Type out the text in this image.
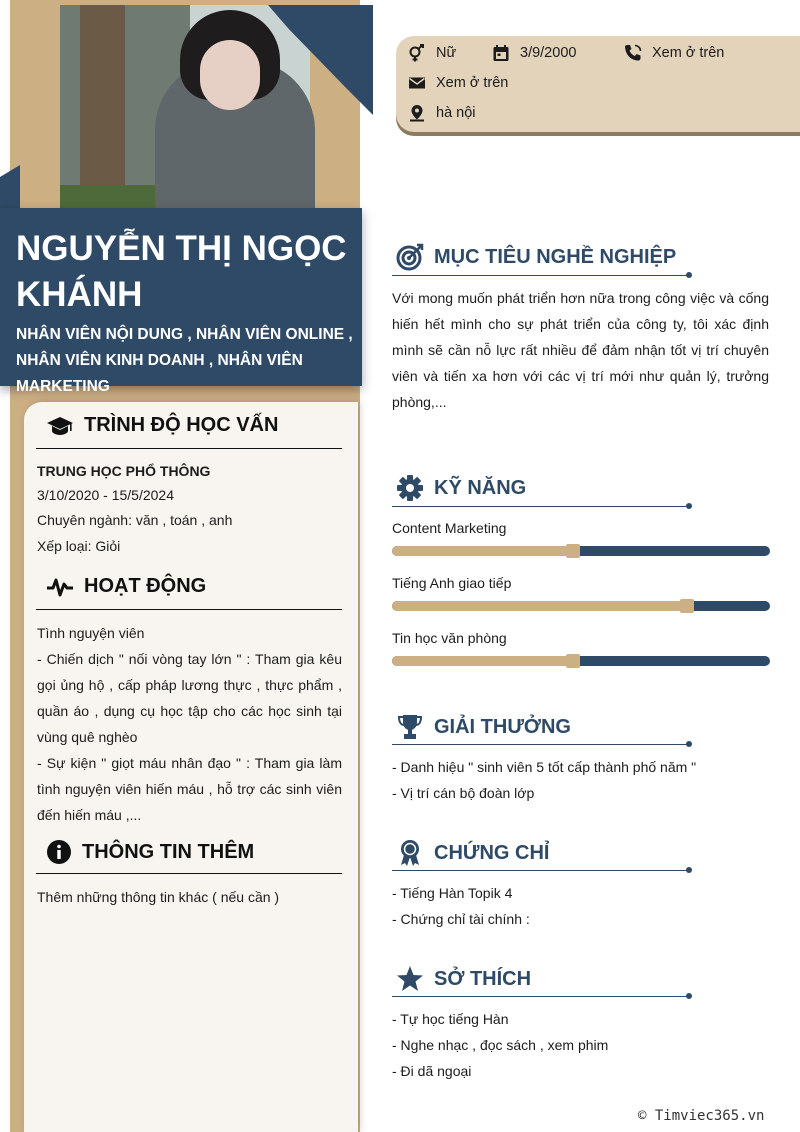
NGUYỄN THỊ NGỌC KHÁNH
NHÂN VIÊN NỘI DUNG , NHÂN VIÊN ONLINE , NHÂN VIÊN KINH DOANH , NHÂN VIÊN MARKETING
TRÌNH ĐỘ HỌC VẤN
TRUNG HỌC PHỔ THÔNG
3/10/2020 - 15/5/2024
Chuyên ngành: văn , toán , anh
Xếp loại: Giỏi
HOẠT ĐỘNG
Tình nguyện viên
- Chiến dịch " nối vòng tay lớn " : Tham gia kêu gọi ủng hộ , cấp pháp lương thực , thực phẩm , quần áo , dụng cụ học tập cho các học sinh tại vùng quê nghèo
- Sự kiện " giọt máu nhân đạo " : Tham gia làm tình nguyện viên hiến máu , hỗ trợ các sinh viên đến hiến máu ,...
THÔNG TIN THÊM
Thêm những thông tin khác ( nếu cần )
Nữ	3/9/2000	Xem ở trên
Xem ở trên
hà nội
MỤC TIÊU NGHỀ NGHIỆP
Với mong muốn phát triển hơn nữa trong công việc và cống hiến hết mình cho sự phát triển của công ty, tôi xác định mình sẽ cần nỗ lực rất nhiều để đảm nhận tốt vị trí chuyên viên và tiến xa hơn với các vị trí mới như quản lý, trưởng phòng,...
KỸ NĂNG
Content Marketing
Tiếng Anh giao tiếp
Tin học văn phòng
GIẢI THƯỞNG
- Danh hiệu " sinh viên 5 tốt cấp thành phố năm "
- Vị trí cán bộ đoàn lớp
CHỨNG CHỈ
- Tiếng Hàn Topik 4
- Chứng chỉ tài chính :
SỞ THÍCH
- Tự học tiếng Hàn
- Nghe nhạc , đọc sách , xem phim
- Đi dã ngoại
© Timviec365.vn
